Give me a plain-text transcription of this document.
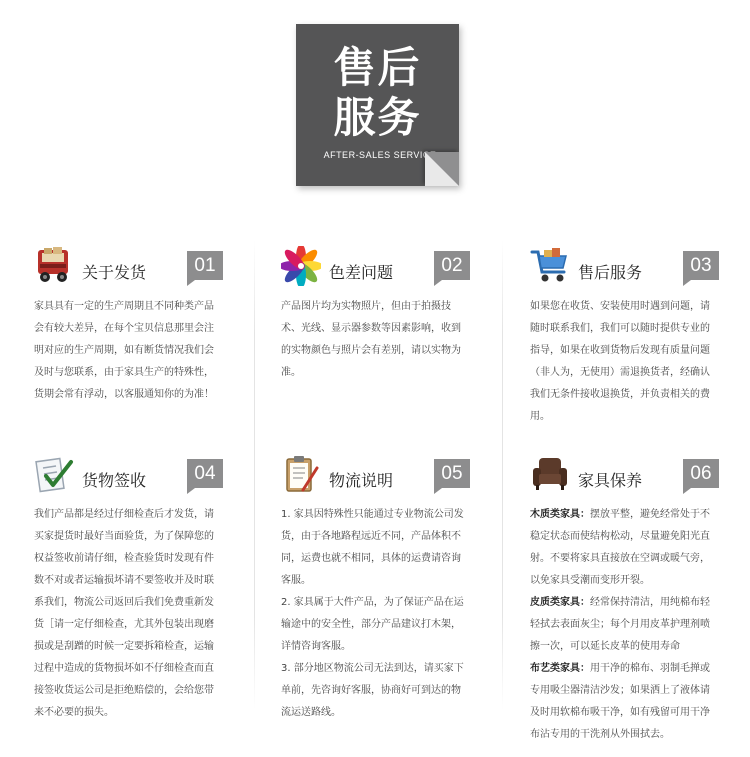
售后
服务
AFTER-SALES SERVICE
关于发货	01

家具具有一定的生产周期且不同种类产品会有较大差异，在每个宝贝信息那里会注明对应的生产周期，如有断货情况我们会及时与您联系，由于家具生产的特殊性，货期会常有浮动，以客服通知你的为准！

色差问题	02

产品图片均为实物照片，但由于拍摄技术、光线、显示器参数等因素影响，收到的实物颜色与照片会有差别，请以实物为准。

售后服务	03

如果您在收货、安装使用时遇到问题，请随时联系我们，我们可以随时提供专业的指导，如果在收到货物后发现有质量问题（非人为，无使用）需退换货者，经确认我们无条件接收退换货，并负责相关的费用。

货物签收	04

我们产品都是经过仔细检查后才发货，请买家提货时最好当面验货，为了保障您的权益签收前请仔细，检查验货时发现有件数不对或者运输损坏请不要签收并及时联系我们，物流公司返回后我们免费重新发货［请一定仔细检查，尤其外包装出现磨损或是刮蹭的时候一定要拆箱检查，运输过程中造成的货物损坏如不仔细检查而直接签收货运公司是拒绝赔偿的，会给您带来不必要的损失。

物流说明	05

1. 家具因特殊性只能通过专业物流公司发货，由于各地路程远近不同，产品体积不同，运费也就不相同，具体的运费请咨询客服。

2. 家具属于大件产品，为了保证产品在运输途中的安全性，部分产品建议打木架，详情咨询客服。

3. 部分地区物流公司无法到达，请买家下单前，先咨询好客服，协商好可到达的物流运送路线。

家具保养	06

木质类家具：摆放平整，避免经常处于不稳定状态而使结构松动，尽量避免阳光直射。不要将家具直接放在空调或暖气旁，以免家具受潮而变形开裂。

皮质类家具：经常保持清洁，用纯棉布轻轻拭去表面灰尘；每个月用皮革护理剂喷擦一次，可以延长皮革的使用寿命

布艺类家具：用干净的棉布、羽制毛掸或专用吸尘器清洁沙发；如果洒上了液体请及时用软棉布吸干净，如有残留可用干净布沾专用的干洗剂从外围拭去。
